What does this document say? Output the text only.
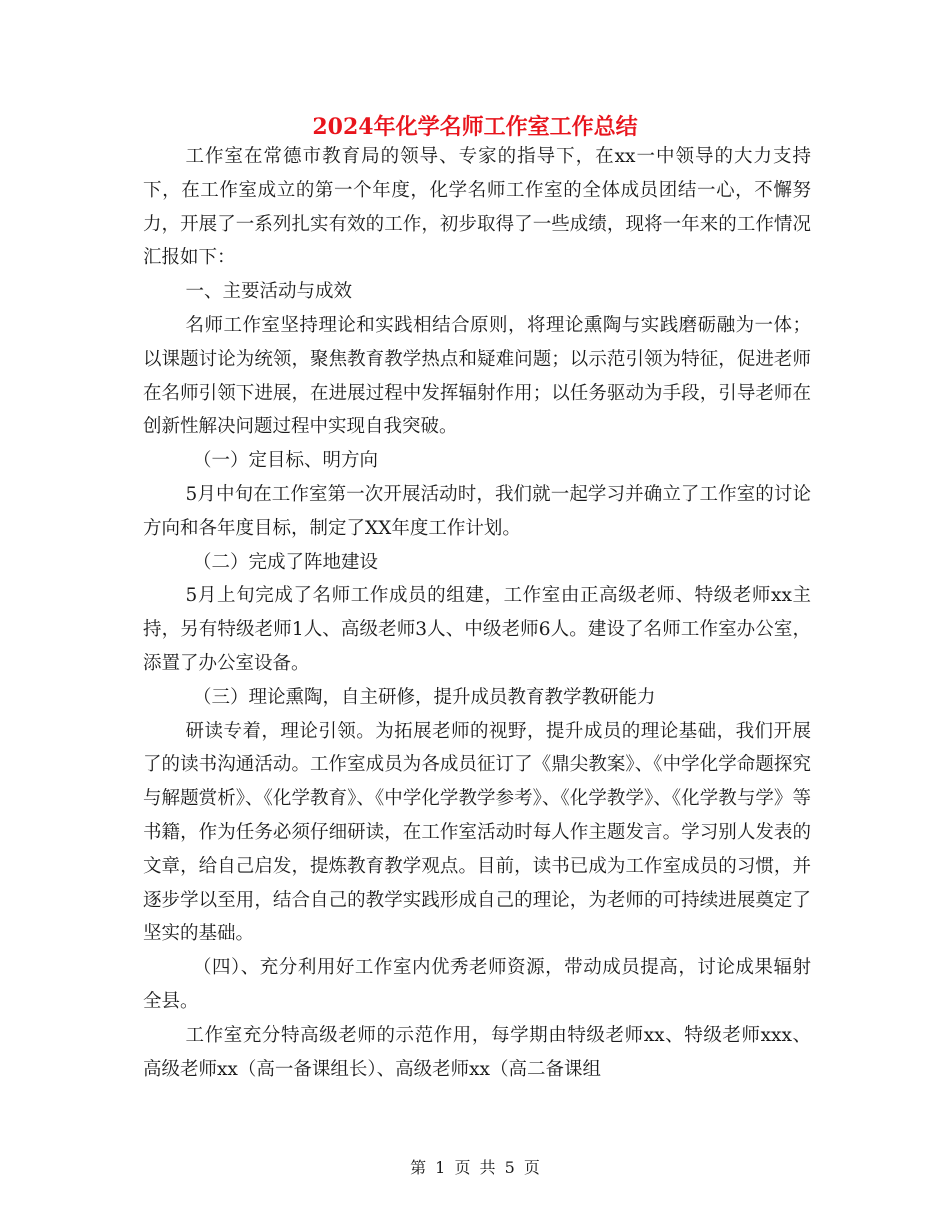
2024年化学名师工作室工作总结

工作室在常德市教育局的领导、专家的指导下，在xx一中领导的大力支持下，在工作室成立的第一个年度，化学名师工作室的全体成员团结一心，不懈努力，开展了一系列扎实有效的工作，初步取得了一些成绩，现将一年来的工作情况汇报如下：

一、主要活动与成效

名师工作室坚持理论和实践相结合原则，将理论熏陶与实践磨砺融为一体；以课题讨论为统领，聚焦教育教学热点和疑难问题；以示范引领为特征，促进老师在名师引领下进展，在进展过程中发挥辐射作用；以任务驱动为手段，引导老师在创新性解决问题过程中实现自我突破。

（一）定目标、明方向

5月中旬在工作室第一次开展活动时，我们就一起学习并确立了工作室的讨论方向和各年度目标，制定了XX年度工作计划。

（二）完成了阵地建设

5月上旬完成了名师工作成员的组建，工作室由正高级老师、特级老师xx主持，另有特级老师1人、高级老师3人、中级老师6人。建设了名师工作室办公室，添置了办公室设备。

（三）理论熏陶，自主研修，提升成员教育教学教研能力

研读专着，理论引领。为拓展老师的视野，提升成员的理论基础，我们开展了的读书沟通活动。工作室成员为各成员征订了《鼎尖教案》、《中学化学命题探究与解题赏析》、《化学教育》、《中学化学教学参考》、《化学教学》、《化学教与学》等书籍，作为任务必须仔细研读，在工作室活动时每人作主题发言。学习别人发表的文章，给自己启发，提炼教育教学观点。目前，读书已成为工作室成员的习惯，并逐步学以至用，结合自己的教学实践形成自己的理论，为老师的可持续进展奠定了坚实的基础。

（四）、充分利用好工作室内优秀老师资源，带动成员提高，讨论成果辐射全县。

工作室充分特高级老师的示范作用，每学期由特级老师xx、特级老师xxx、高级老师xx（高一备课组长）、高级老师xx（高二备课组

第 1 页 共 5 页
